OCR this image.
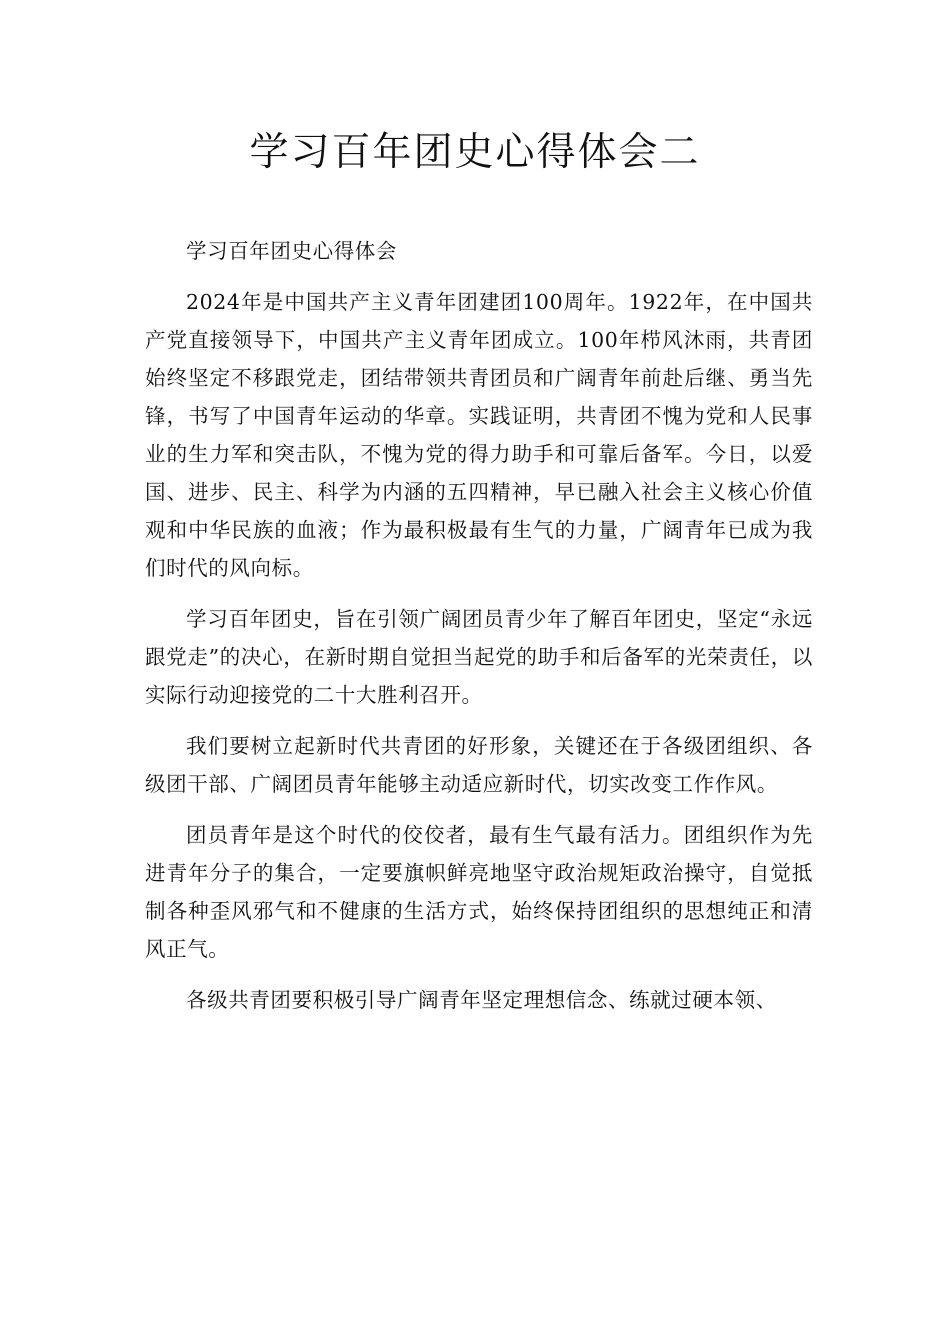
学习百年团史心得体会二

学习百年团史心得体会

2024年是中国共产主义青年团建团100周年。1922年，在中国共产党直接领导下，中国共产主义青年团成立。100年栉风沐雨，共青团始终坚定不移跟党走，团结带领共青团员和广阔青年前赴后继、勇当先锋，书写了中国青年运动的华章。实践证明，共青团不愧为党和人民事业的生力军和突击队，不愧为党的得力助手和可靠后备军。今日，以爱国、进步、民主、科学为内涵的五四精神，早已融入社会主义核心价值观和中华民族的血液；作为最积极最有生气的力量，广阔青年已成为我们时代的风向标。

学习百年团史，旨在引领广阔团员青少年了解百年团史，坚定“永远跟党走”的决心，在新时期自觉担当起党的助手和后备军的光荣责任，以实际行动迎接党的二十大胜利召开。

我们要树立起新时代共青团的好形象，关键还在于各级团组织、各级团干部、广阔团员青年能够主动适应新时代，切实改变工作作风。

团员青年是这个时代的佼佼者，最有生气最有活力。团组织作为先进青年分子的集合，一定要旗帜鲜亮地坚守政治规矩政治操守，自觉抵制各种歪风邪气和不健康的生活方式，始终保持团组织的思想纯正和清风正气。

各级共青团要积极引导广阔青年坚定理想信念、练就过硬本领、
